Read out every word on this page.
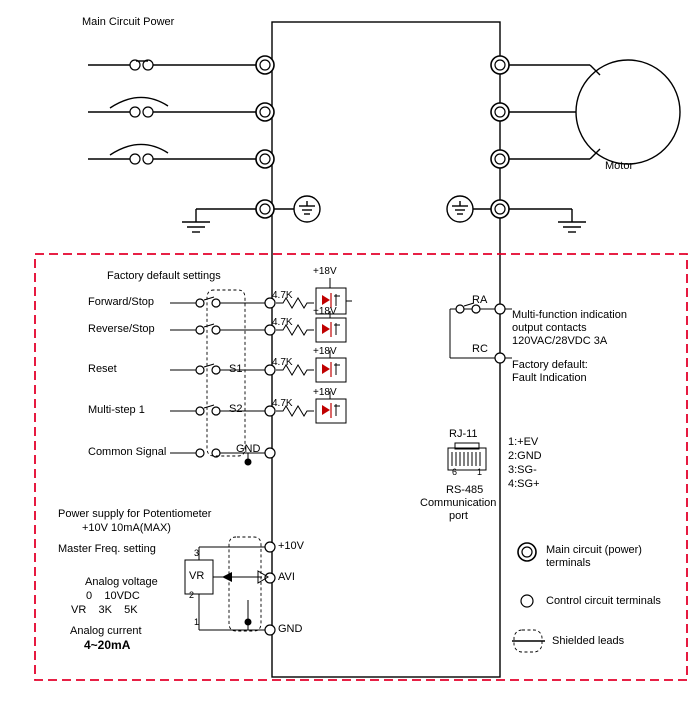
Main Circuit Power
Motor
Factory default settings
Forward/Stop
Reverse/Stop
Reset
Multi-step 1
Common Signal	GND
S1
S2
4.7K
4.7K
4.7K
4.7K
+18V
+18V
+18V
+18V
RA
RC
Multi-function indication
output contacts
120VAC/28VDC 3A
Factory default:
Fault Indication
RJ-11
6 1
RS-485
Communication
port
1:+EV
2:GND
3:SG-
4:SG+
Power supply for Potentiometer
+10V 10mA(MAX)
Master Freq. setting
Analog voltage
0    10VDC
VR    3K    5K
Analog current
4~20mA
VR
3
2
1
+10V
AVI
GND
Main circuit (power)
terminals
Control circuit terminals
Shielded leads
